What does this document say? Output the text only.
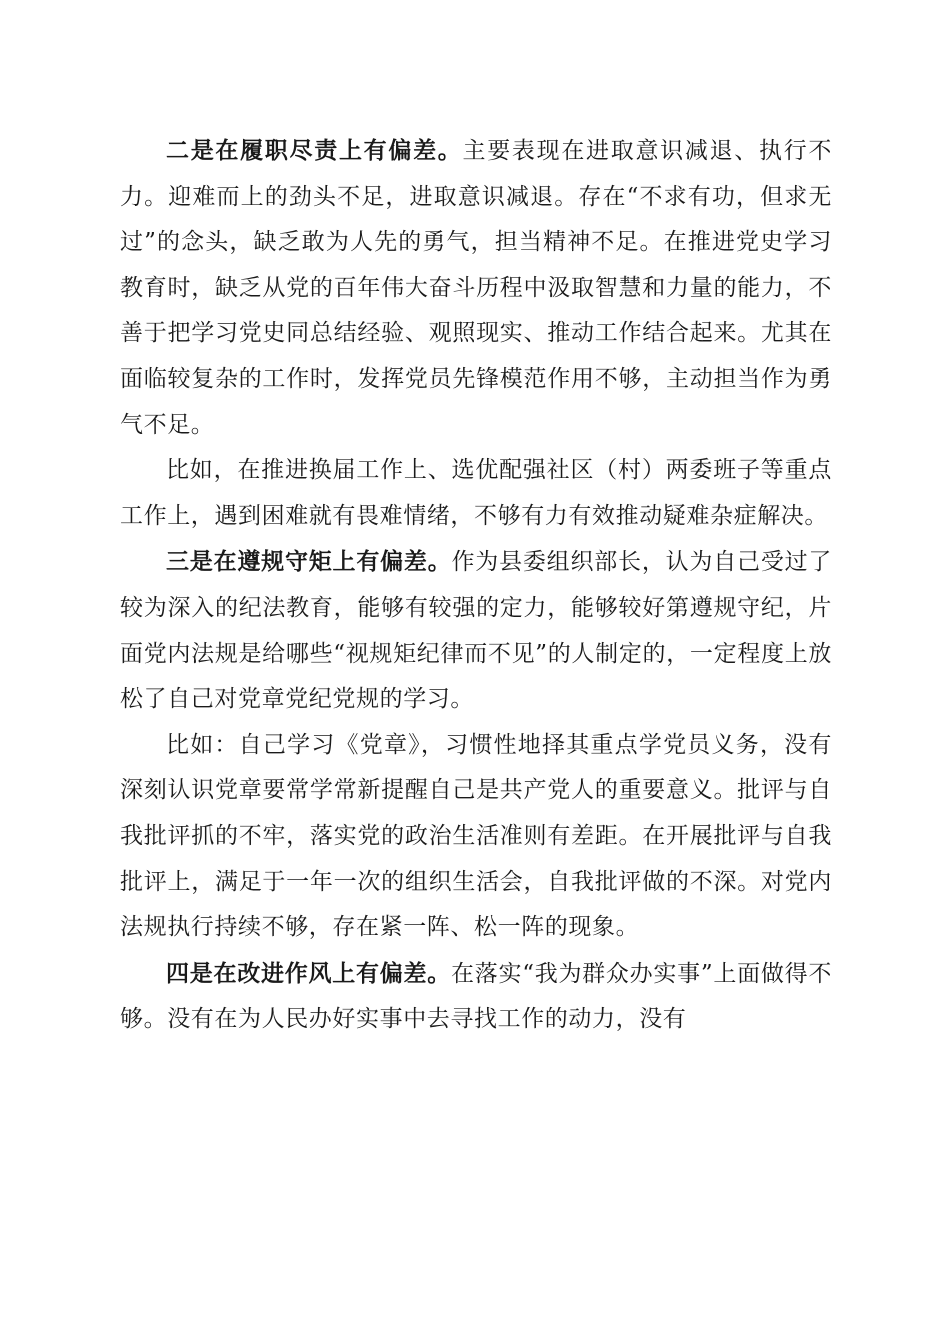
二是在履职尽责上有偏差。主要表现在进取意识减退、执行不力。迎难而上的劲头不足，进取意识减退。存在“不求有功，但求无过”的念头，缺乏敢为人先的勇气，担当精神不足。在推进党史学习教育时，缺乏从党的百年伟大奋斗历程中汲取智慧和力量的能力，不善于把学习党史同总结经验、观照现实、推动工作结合起来。尤其在面临较复杂的工作时，发挥党员先锋模范作用不够，主动担当作为勇气不足。

比如，在推进换届工作上、选优配强社区（村）两委班子等重点工作上，遇到困难就有畏难情绪，不够有力有效推动疑难杂症解决。

三是在遵规守矩上有偏差。作为县委组织部长，认为自己受过了较为深入的纪法教育，能够有较强的定力，能够较好第遵规守纪，片面党内法规是给哪些“视规矩纪律而不见”的人制定的，一定程度上放松了自己对党章党纪党规的学习。

比如：自己学习《党章》，习惯性地择其重点学党员义务，没有深刻认识党章要常学常新提醒自己是共产党人的重要意义。批评与自我批评抓的不牢，落实党的政治生活准则有差距。在开展批评与自我批评上，满足于一年一次的组织生活会，自我批评做的不深。对党内法规执行持续不够，存在紧一阵、松一阵的现象。

四是在改进作风上有偏差。在落实“我为群众办实事”上面做得不够。没有在为人民办好实事中去寻找工作的动力，没有
